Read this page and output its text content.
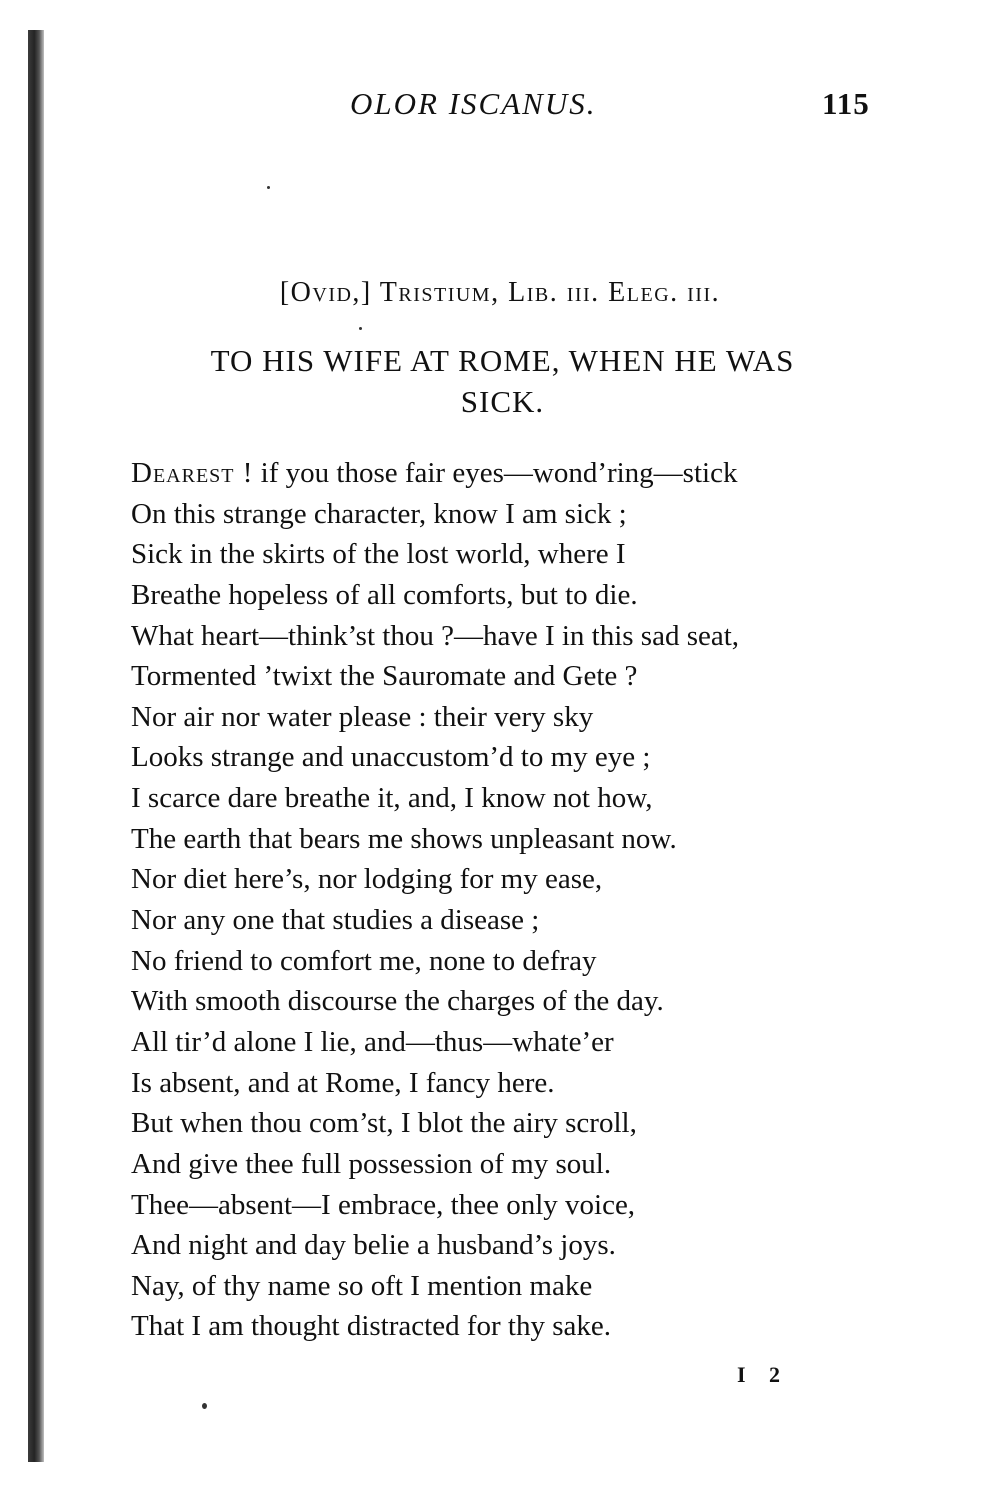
OLOR ISCANUS.	115
[Ovid,] Tristium, Lib. iii. Eleg. iii.
TO HIS WIFE AT ROME, WHEN HE WAS
SICK.
Dearest ! if you those fair eyes—wond’ring—stick
On this strange character, know I am sick ;
Sick in the skirts of the lost world, where I
Breathe hopeless of all comforts, but to die.
What heart—think’st thou ?—have I in this sad seat,
Tormented ’twixt the Sauromate and Gete ?
Nor air nor water please : their very sky
Looks strange and unaccustom’d to my eye ;
I scarce dare breathe it, and, I know not how,
The earth that bears me shows unpleasant now.
Nor diet here’s, nor lodging for my ease,
Nor any one that studies a disease ;
No friend to comfort me, none to defray
With smooth discourse the charges of the day.
All tir’d alone I lie, and—thus—whate’er
Is absent, and at Rome, I fancy here.
But when thou com’st, I blot the airy scroll,
And give thee full possession of my soul.
Thee—absent—I embrace, thee only voice,
And night and day belie a husband’s joys.
Nay, of thy name so oft I mention make
That I am thought distracted for thy sake.
I 2
